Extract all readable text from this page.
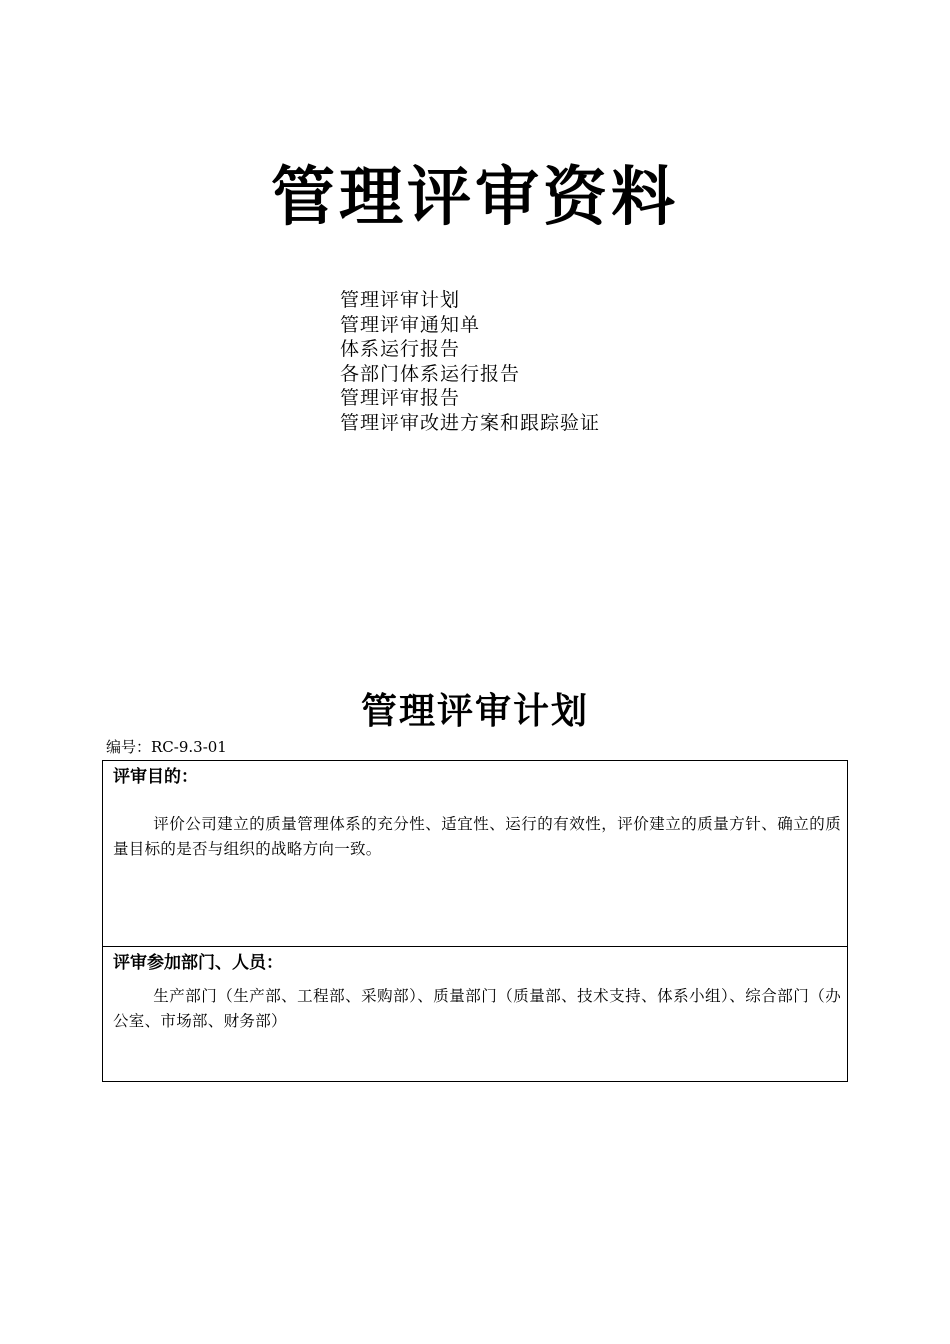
管理评审资料
管理评审计划
管理评审通知单
体系运行报告
各部门体系运行报告
管理评审报告
管理评审改进方案和跟踪验证
管理评审计划
编号：RC-9.3-01
评审目的：
评价公司建立的质量管理体系的充分性、适宜性、运行的有效性，评价建立的质量方针、确立的质量目标的是否与组织的战略方向一致。
评审参加部门、人员：
生产部门（生产部、工程部、采购部）、质量部门（质量部、技术支持、体系小组）、综合部门（办公室、市场部、财务部）
